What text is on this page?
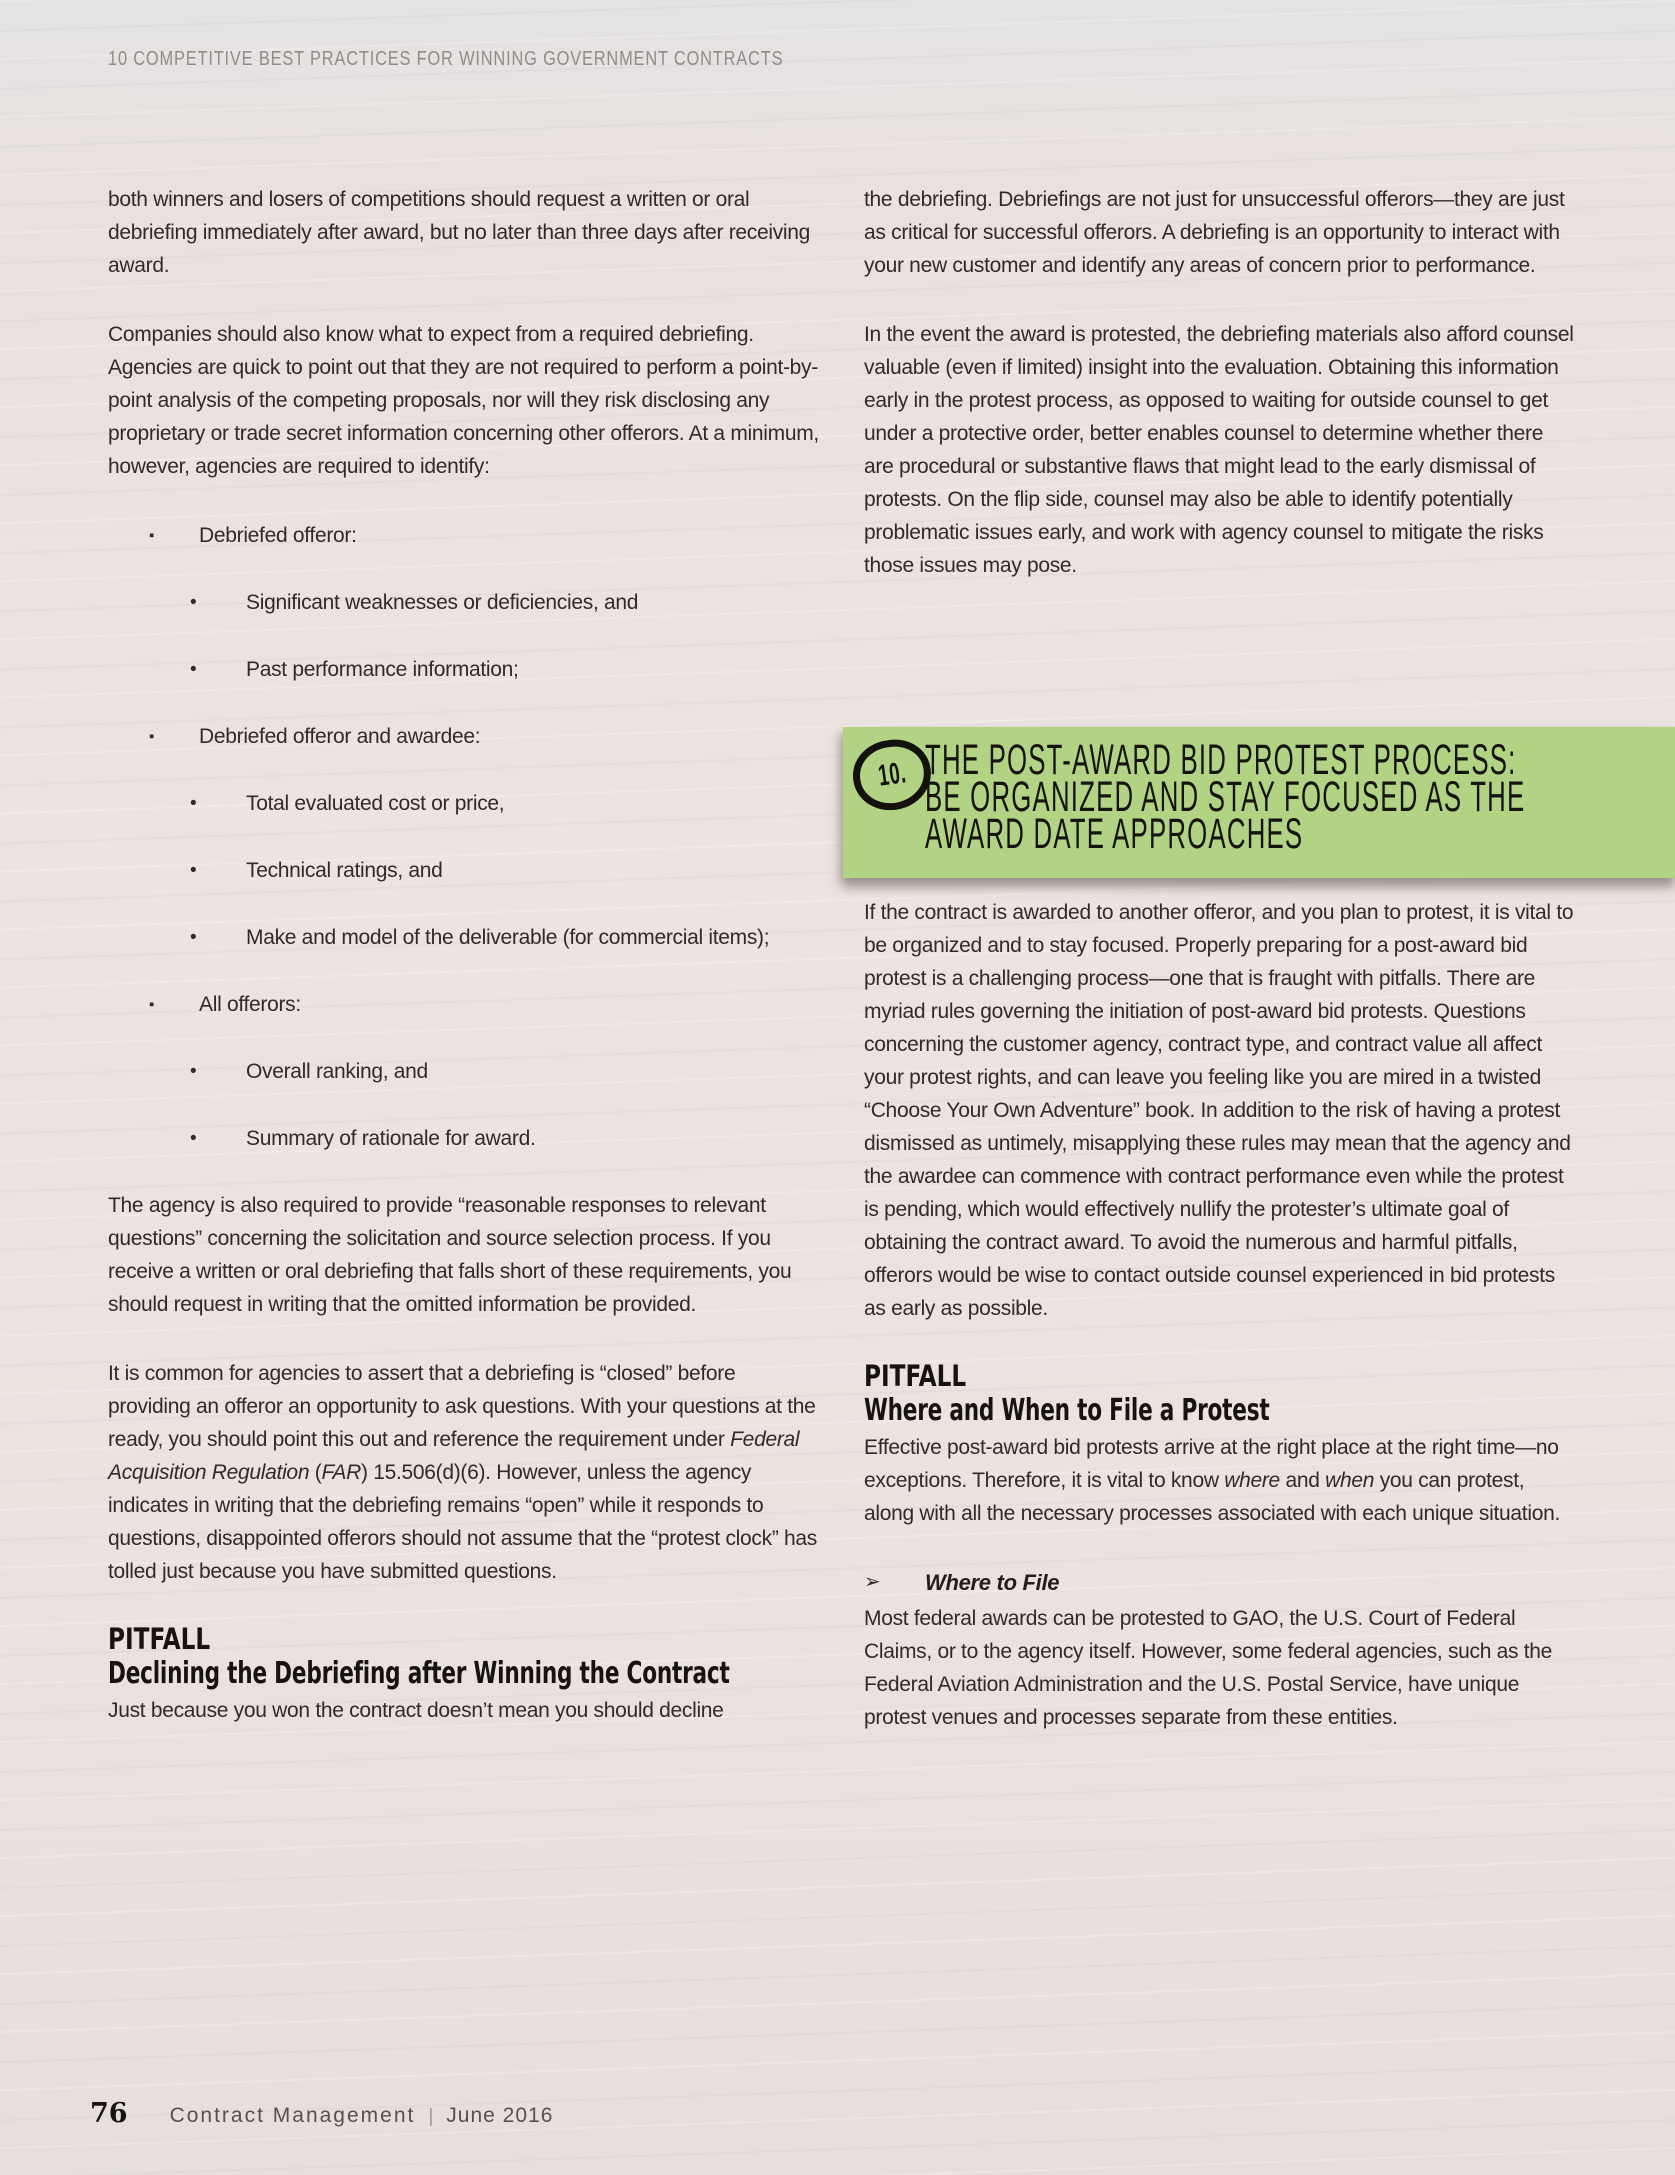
10 COMPETITIVE BEST PRACTICES FOR WINNING GOVERNMENT CONTRACTS

both winners and losers of competitions should request a written or oral debriefing immediately after award, but no later than three days after receiving award.

Companies should also know what to expect from a required debriefing. Agencies are quick to point out that they are not required to perform a point-by-point analysis of the competing proposals, nor will they risk disclosing any proprietary or trade secret information concerning other offerors. At a minimum, however, agencies are required to identify:

▪ Debriefed offeror:
• Significant weaknesses or deficiencies, and
• Past performance information;
▪ Debriefed offeror and awardee:
• Total evaluated cost or price,
• Technical ratings, and
• Make and model of the deliverable (for commercial items);
▪ All offerors:
• Overall ranking, and
• Summary of rationale for award.

The agency is also required to provide “reasonable responses to relevant questions” concerning the solicitation and source selection process. If you receive a written or oral debriefing that falls short of these requirements, you should request in writing that the omitted information be provided.

It is common for agencies to assert that a debriefing is “closed” before providing an offeror an opportunity to ask questions. With your questions at the ready, you should point this out and reference the requirement under Federal Acquisition Regulation (FAR) 15.506(d)(6). However, unless the agency indicates in writing that the debriefing remains “open” while it responds to questions, disappointed offerors should not assume that the “protest clock” has tolled just because you have submitted questions.

PITFALL
Declining the Debriefing after Winning the Contract

Just because you won the contract doesn’t mean you should decline

the debriefing. Debriefings are not just for unsuccessful offerors—they are just as critical for successful offerors. A debriefing is an opportunity to interact with your new customer and identify any areas of concern prior to performance.

In the event the award is protested, the debriefing materials also afford counsel valuable (even if limited) insight into the evaluation. Obtaining this information early in the protest process, as opposed to waiting for outside counsel to get under a protective order, better enables counsel to determine whether there are procedural or substantive flaws that might lead to the early dismissal of protests. On the flip side, counsel may also be able to identify potentially problematic issues early, and work with agency counsel to mitigate the risks those issues may pose.

10. THE POST-AWARD BID PROTEST PROCESS:
BE ORGANIZED AND STAY FOCUSED AS THE
AWARD DATE APPROACHES

If the contract is awarded to another offeror, and you plan to protest, it is vital to be organized and to stay focused. Properly preparing for a post-award bid protest is a challenging process—one that is fraught with pitfalls. There are myriad rules governing the initiation of post-award bid protests. Questions concerning the customer agency, contract type, and contract value all affect your protest rights, and can leave you feeling like you are mired in a twisted “Choose Your Own Adventure” book. In addition to the risk of having a protest dismissed as untimely, misapplying these rules may mean that the agency and the awardee can commence with contract performance even while the protest is pending, which would effectively nullify the protester’s ultimate goal of obtaining the contract award. To avoid the numerous and harmful pitfalls, offerors would be wise to contact outside counsel experienced in bid protests as early as possible.

PITFALL
Where and When to File a Protest

Effective post-award bid protests arrive at the right place at the right time—no exceptions. Therefore, it is vital to know where and when you can protest, along with all the necessary processes associated with each unique situation.

➢ Where to File

Most federal awards can be protested to GAO, the U.S. Court of Federal Claims, or to the agency itself. However, some federal agencies, such as the Federal Aviation Administration and the U.S. Postal Service, have unique protest venues and processes separate from these entities.

76 Contract Management | June 2016
